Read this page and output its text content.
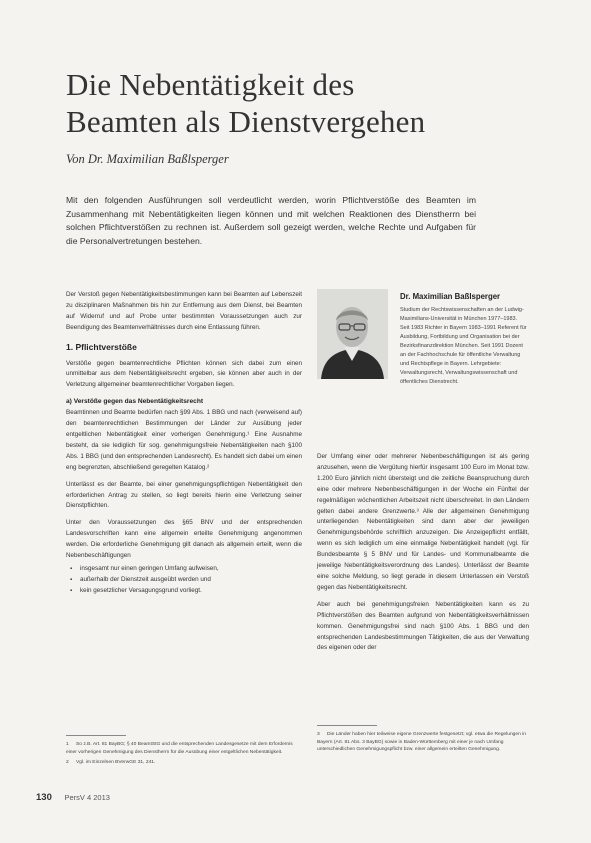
Die Nebentätigkeit des
Beamten als Dienstvergehen
Von Dr. Maximilian Baßlsperger
Mit den folgenden Ausführungen soll verdeutlicht werden, worin Pflichtverstöße des Beamten im Zusammenhang mit Nebentätigkeiten liegen können und mit welchen Reaktionen des Dienstherrn bei solchen Pflichtverstößen zu rechnen ist. Außerdem soll gezeigt werden, welche Rechte und Aufgaben für die Personalvertretungen bestehen.

Der Verstoß gegen Nebentätigkeitsbestimmungen kann bei Beamten auf Lebenszeit zu disziplinaren Maßnahmen bis hin zur Entfernung aus dem Dienst, bei Beamten auf Widerruf und auf Probe unter bestimmten Voraussetzungen auch zur Beendigung des Beamtenverhältnisses durch eine Entlassung führen.

1. Pflichtverstöße

Verstöße gegen beamtenrechtliche Pflichten können sich dabei zum einen unmittelbar aus dem Nebentätigkeitsrecht ergeben, sie können aber auch in der Verletzung allgemeiner beamtenrechtlicher Vorgaben liegen.

a) Verstöße gegen das Nebentätigkeitsrecht

Beamtinnen und Beamte bedürfen nach §99 Abs. 1 BBG und nach (verweisend auf) den beamtenrechtlichen Bestimmungen der Länder zur Ausübung jeder entgeltlichen Nebentätigkeit einer vorherigen Genehmigung.¹ Eine Ausnahme besteht, da sie lediglich für sog. genehmigungsfreie Nebentätigkeiten nach §100 Abs. 1 BBG (und den entsprechenden Landesrecht). Es handelt sich dabei um einen eng begrenzten, abschließend geregelten Katalog.²

Unterlässt es der Beamte, bei einer genehmigungspflichtigen Nebentätigkeit den erforderlichen Antrag zu stellen, so liegt bereits hierin eine Verletzung seiner Dienstpflichten.

Unter den Voraussetzungen des §65 BNV und der entsprechenden Landesvorschriften kann eine allgemein erteilte Genehmigung angenommen werden. Die erforderliche Genehmigung gilt danach als allgemein erteilt, wenn die Nebenbeschäftigungen

▪ insgesamt nur einen geringen Umfang aufweisen,
▪ außerhalb der Dienstzeit ausgeübt werden und
▪ kein gesetzlicher Versagungsgrund vorliegt.
Dr. Maximilian Baßlsperger
Studium der Rechtswissenschaften an der Ludwig-Maximilians-Universität in München 1977–1983. Seit 1983 Richter in Bayern 1983–1991 Referent für Ausbildung, Fortbildung und Organisation bei der Bezirksfinanzdirektion München. Seit 1991 Dozent an der Fachhochschule für öffentliche Verwaltung und Rechtspflege in Bayern. Lehrgebiete: Verwaltungsrecht, Verwaltungswissenschaft und öffentliches Dienstrecht.

Der Umfang einer oder mehrerer Nebenbeschäftigungen ist als gering anzusehen, wenn die Vergütung hierfür insgesamt 100 Euro im Monat bzw. 1.200 Euro jährlich nicht übersteigt und die zeitliche Beanspruchung durch eine oder mehrere Nebenbeschäftigungen in der Woche ein Fünftel der regelmäßigen wöchentlichen Arbeitszeit nicht überschreitet. In den Ländern gelten dabei andere Grenzwerte.³ Alle der allgemeinen Genehmigung unterliegenden Nebentätigkeiten sind dann aber der jeweiligen Genehmigungsbehörde schriftlich anzuzeigen. Die Anzeigepflicht entfällt, wenn es sich lediglich um eine einmalige Nebentätigkeit handelt (vgl. für Bundesbeamte § 5 BNV und für Landes- und Kommunalbeamte die jeweilige Nebentätigkeitsverordnung des Landes). Unterlässt der Beamte eine solche Meldung, so liegt gerade in diesem Unterlassen ein Verstoß gegen das Nebentätigkeitsrecht.

Aber auch bei genehmigungsfreien Nebentätigkeiten kann es zu Pflichtverstößen des Beamten aufgrund von Nebentätigkeitsverhältnissen kommen. Genehmigungsfrei sind nach §100 Abs. 1 BBG und den entsprechenden Landesbestimmungen Tätigkeiten, die aus der Verwaltung des eigenen oder der

1 So z.B. Art. 81 BayBG; § 40 BeamtStG und die entsprechenden Landesgesetze mit dem Erfordernis einer vorherigen Genehmigung des Dienstherrn für die Ausübung einer entgeltlichen Nebentätigkeit.
2 Vgl. im Einzelnen BVerwGE 31, 241.
3 Die Länder haben hier teilweise eigene Grenzwerte festgesetzt; vgl. etwa die Regelungen in Bayern (Art. 81 Abs. 3 BayBG) sowie in Baden-Württemberg mit einer je nach Umfang unterschiedlichen Genehmigungspflicht bzw. einer allgemein erteilten Genehmigung.
130 PersV 4 2013
